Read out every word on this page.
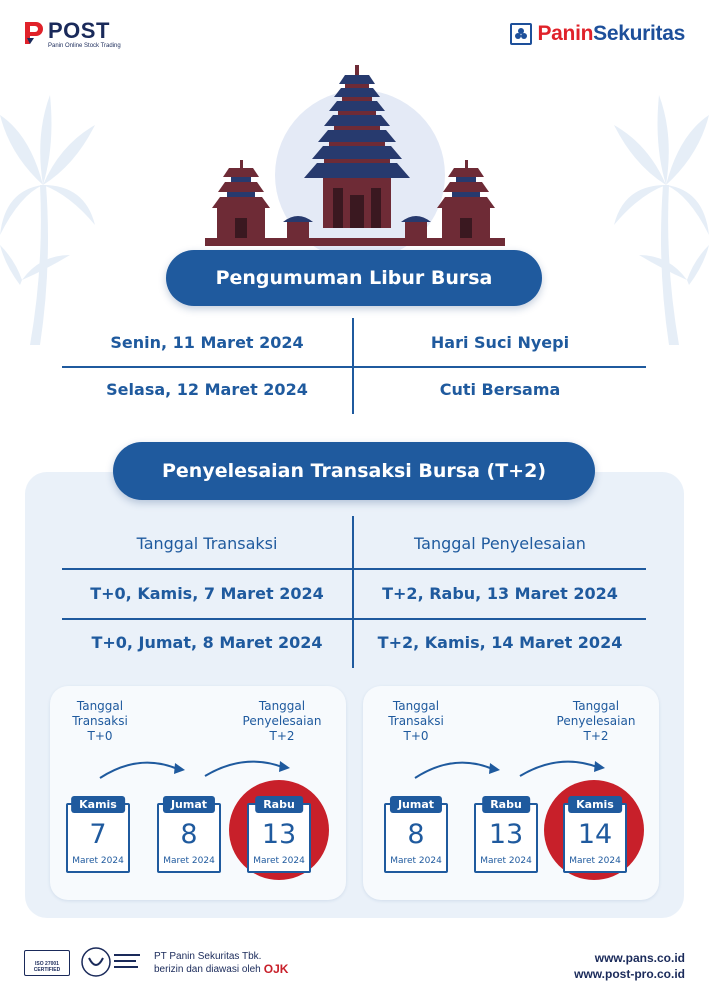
POST
Panin Online Stock Trading
PaninSekuritas
Pengumuman Libur Bursa
Senin, 11 Maret 2024	Hari Suci Nyepi
Selasa, 12 Maret 2024	Cuti Bersama
Penyelesaian Transaksi Bursa (T+2)
Tanggal Transaksi	Tanggal Penyelesaian
T+0, Kamis, 7 Maret 2024	T+2, Rabu, 13 Maret 2024
T+0, Jumat, 8 Maret 2024	T+2, Kamis, 14 Maret 2024
Tanggal
Transaksi
T+0
Tanggal
Penyelesaian
T+2
Kamis
7
Maret 2024
Jumat
8
Maret 2024
Rabu
13
Maret 2024
Tanggal
Transaksi
T+0
Tanggal
Penyelesaian
T+2
Jumat
8
Maret 2024
Rabu
13
Maret 2024
Kamis
14
Maret 2024
ISO 27001 CERTIFIED
PT Panin Sekuritas Tbk.
berizin dan diawasi oleh OJK
www.pans.co.id
www.post-pro.co.id
